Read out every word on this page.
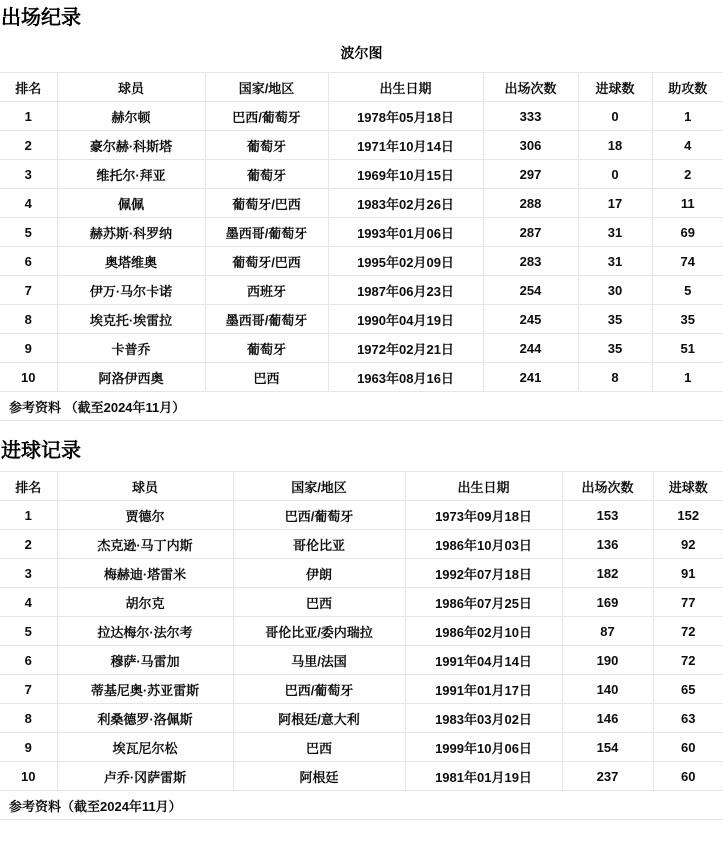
出场纪录
波尔图
排名	球员	国家/地区	出生日期	出场次数	进球数	助攻数
1	赫尔顿	巴西/葡萄牙	1978年05月18日	333	0	1
2	豪尔赫·科斯塔	葡萄牙	1971年10月14日	306	18	4
3	维托尔·拜亚	葡萄牙	1969年10月15日	297	0	2
4	佩佩	葡萄牙/巴西	1983年02月26日	288	17	11
5	赫苏斯·科罗纳	墨西哥/葡萄牙	1993年01月06日	287	31	69
6	奥塔维奥	葡萄牙/巴西	1995年02月09日	283	31	74
7	伊万·马尔卡诺	西班牙	1987年06月23日	254	30	5
8	埃克托·埃雷拉	墨西哥/葡萄牙	1990年04月19日	245	35	35
9	卡普乔	葡萄牙	1972年02月21日	244	35	51
10	阿洛伊西奥	巴西	1963年08月16日	241	8	1
参考资料 （截至2024年11月）						
进球记录
排名	球员	国家/地区	出生日期	出场次数	进球数
1	贾德尔	巴西/葡萄牙	1973年09月18日	153	152
2	杰克逊·马丁内斯	哥伦比亚	1986年10月03日	136	92
3	梅赫迪·塔雷米	伊朗	1992年07月18日	182	91
4	胡尔克	巴西	1986年07月25日	169	77
5	拉达梅尔·法尔考	哥伦比亚/委内瑞拉	1986年02月10日	87	72
6	穆萨·马雷加	马里/法国	1991年04月14日	190	72
7	蒂基尼奥·苏亚雷斯	巴西/葡萄牙	1991年01月17日	140	65
8	利桑德罗·洛佩斯	阿根廷/意大利	1983年03月02日	146	63
9	埃瓦尼尔松	巴西	1999年10月06日	154	60
10	卢乔·冈萨雷斯	阿根廷	1981年01月19日	237	60
参考资料（截至2024年11月）					
